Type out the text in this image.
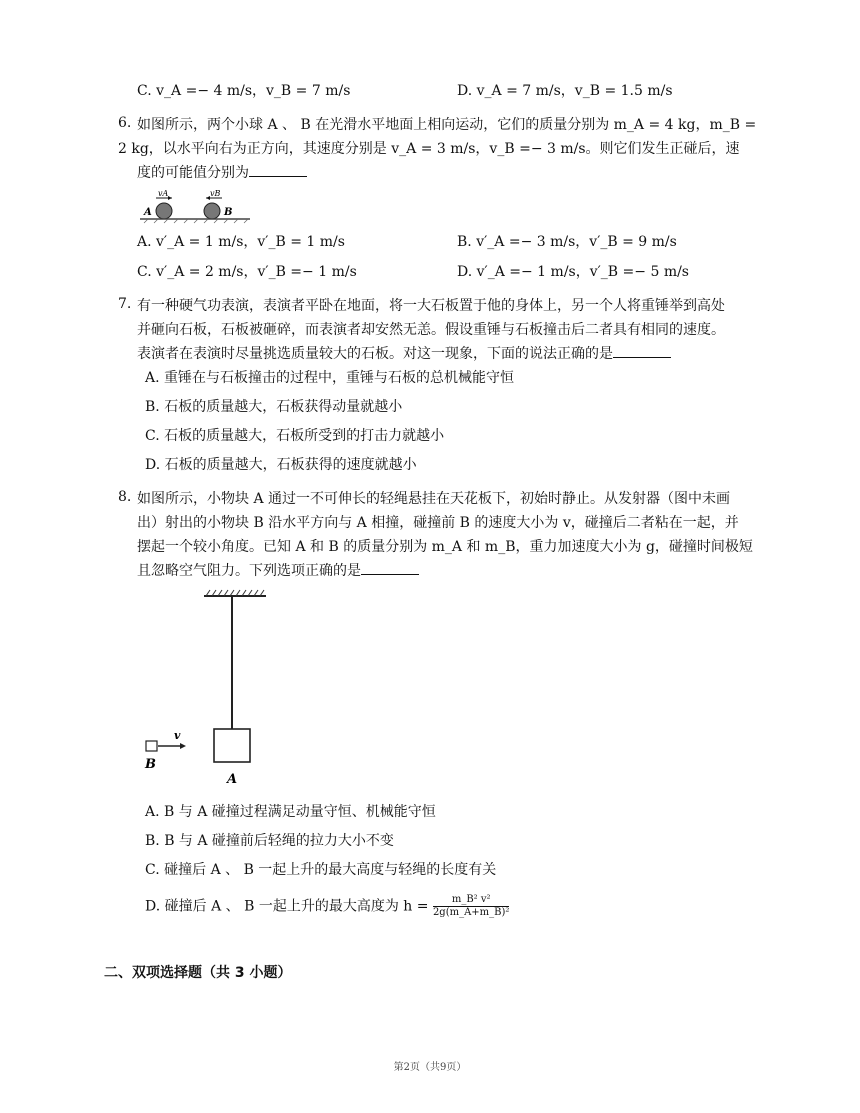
C. v_A =− 4 m/s，v_B = 7 m/s	D. v_A = 7 m/s，v_B = 1.5 m/s
6. 如图所示，两个小球 A 、 B 在光滑水平地面上相向运动，它们的质量分别为 m_A = 4 kg，m_B =
2 kg，以水平向右为正方向，其速度分别是 v_A = 3 m/s，v_B =− 3 m/s。则它们发生正碰后，速
度的可能值分别为
vA	vB
A	B
A. v′_A = 1 m/s，v′_B = 1 m/s	B. v′_A =− 3 m/s，v′_B = 9 m/s
C. v′_A = 2 m/s，v′_B =− 1 m/s	D. v′_A =− 1 m/s，v′_B =− 5 m/s
7. 有一种硬气功表演，表演者平卧在地面，将一大石板置于他的身体上，另一个人将重锤举到高处
并砸向石板，石板被砸碎，而表演者却安然无恙。假设重锤与石板撞击后二者具有相同的速度。
表演者在表演时尽量挑选质量较大的石板。对这一现象，下面的说法正确的是
A. 重锤在与石板撞击的过程中，重锤与石板的总机械能守恒
B. 石板的质量越大，石板获得动量就越小
C. 石板的质量越大，石板所受到的打击力就越小
D. 石板的质量越大，石板获得的速度就越小
8. 如图所示，小物块 A 通过一不可伸长的轻绳悬挂在天花板下，初始时静止。从发射器（图中未画
出）射出的小物块 B 沿水平方向与 A 相撞，碰撞前 B 的速度大小为 v，碰撞后二者粘在一起，并
摆起一个较小角度。已知 A 和 B 的质量分别为 m_A 和 m_B，重力加速度大小为 g，碰撞时间极短
且忽略空气阻力。下列选项正确的是
A
v
B
A. B 与 A 碰撞过程满足动量守恒、机械能守恒
B. B 与 A 碰撞前后轻绳的拉力大小不变
C. 碰撞后 A 、 B 一起上升的最大高度与轻绳的长度有关
D. 碰撞后 A 、 B 一起上升的最大高度为 $h = \frac{\text{m\_B² v²}}{\text{2g(m\_A+m\_B)²}}$
二、双项选择题（共 3 小题）
第2页（共9页）
